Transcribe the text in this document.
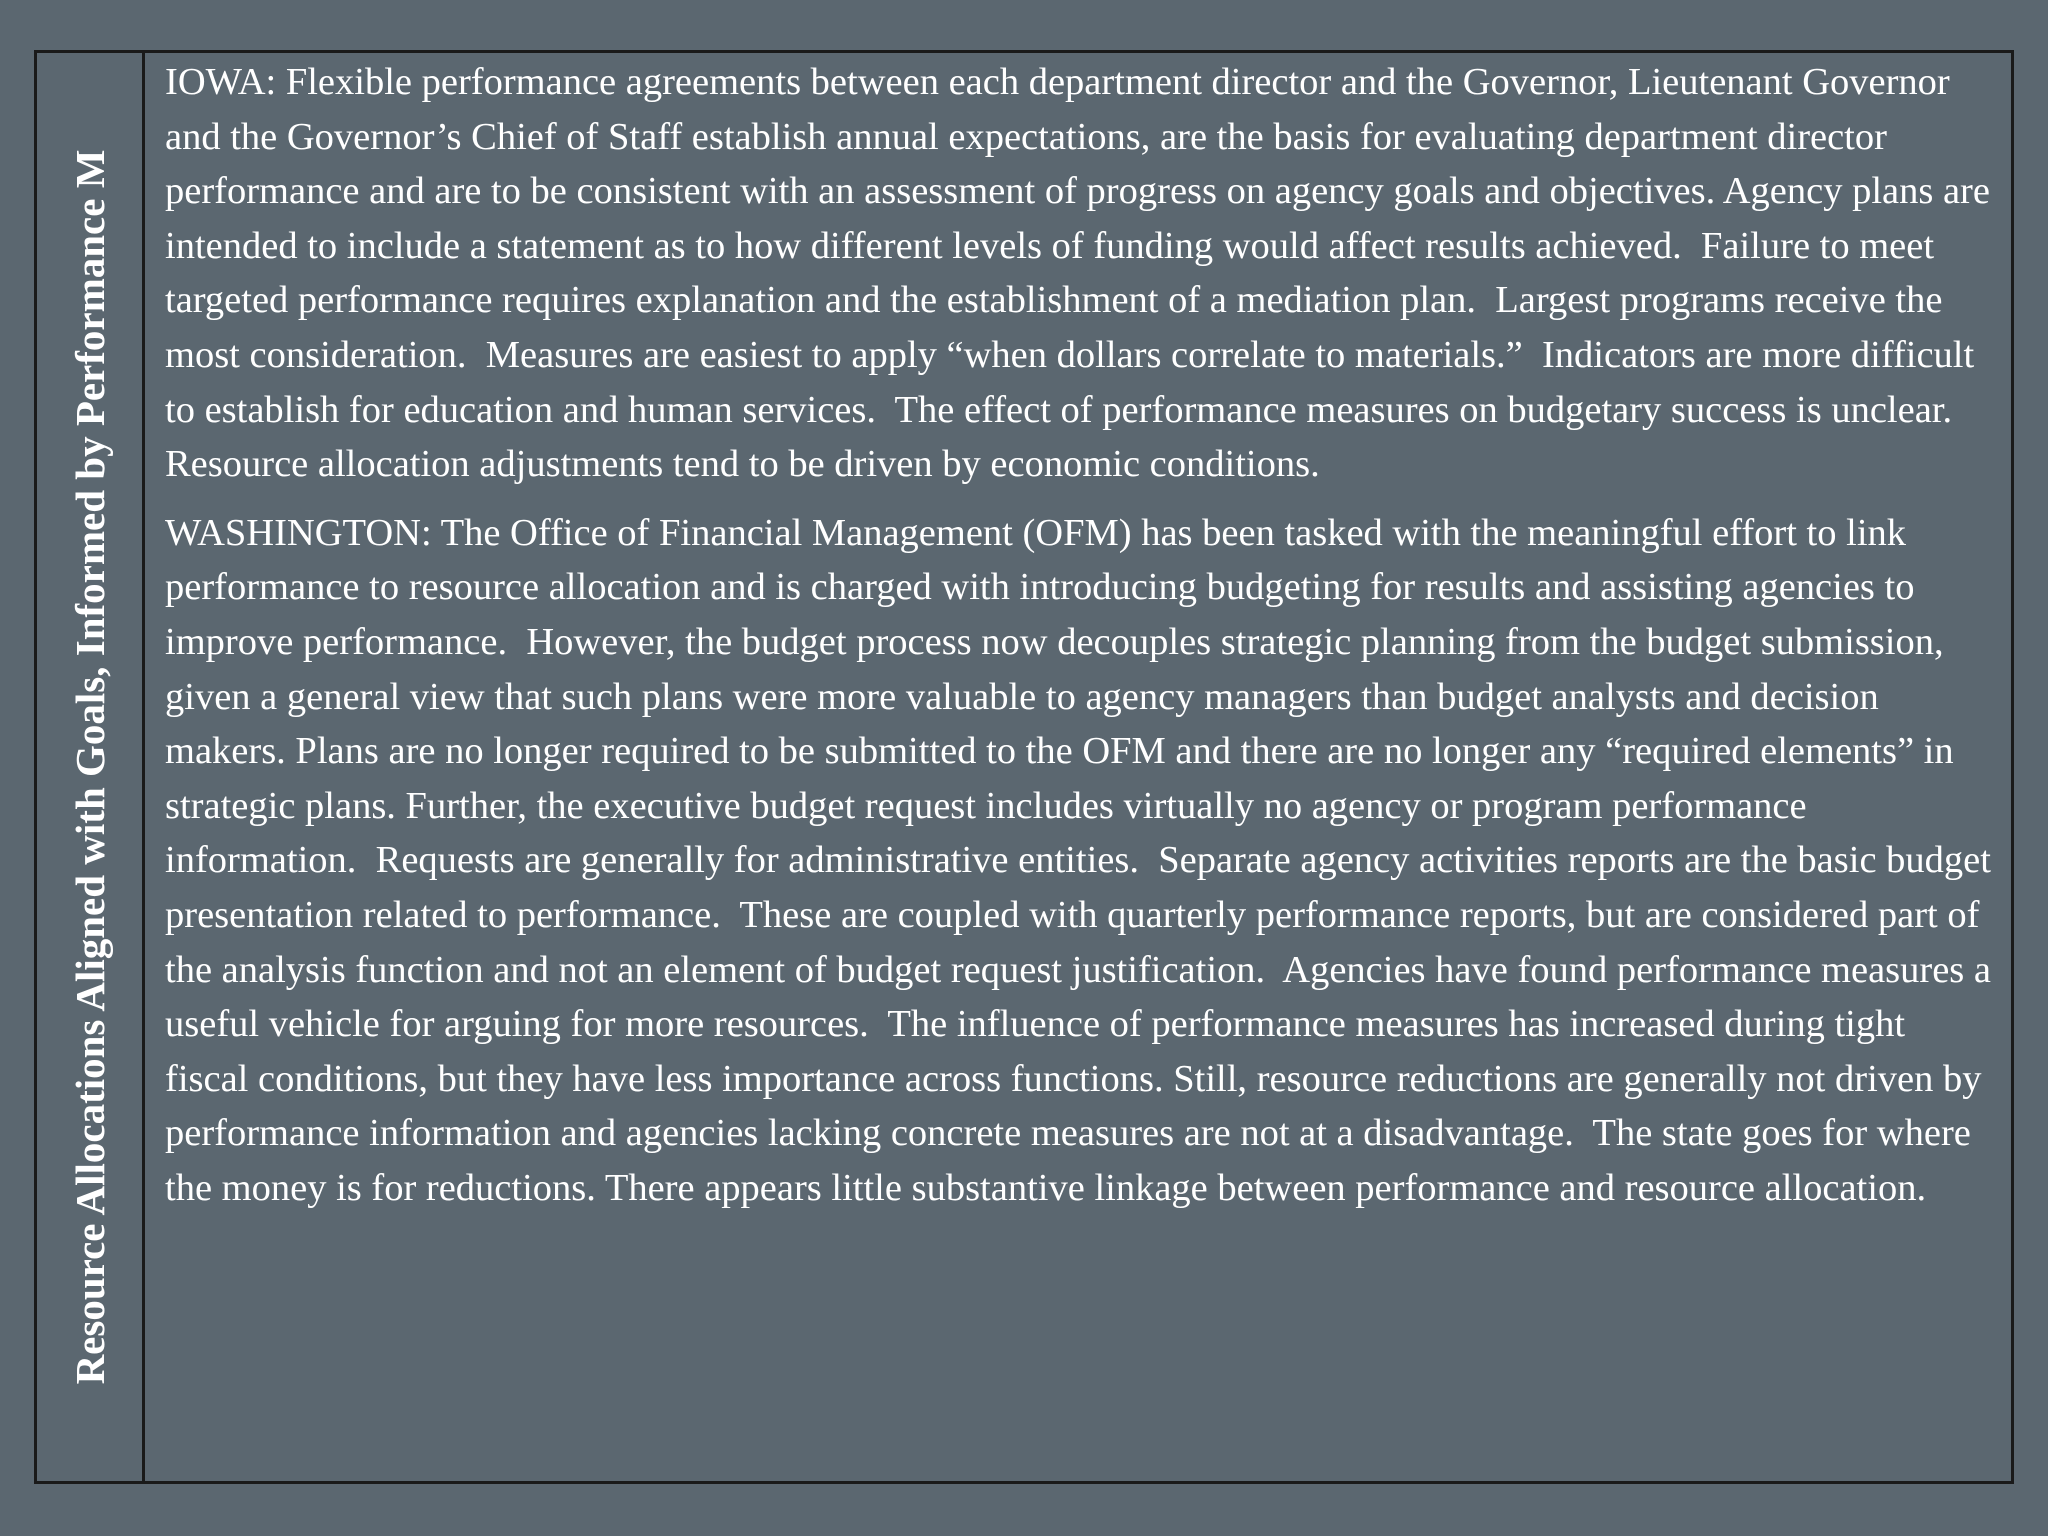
Resource Allocations Aligned with Goals, Informed by Performance M

IOWA: Flexible performance agreements between each department director and the Governor, Lieutenant Governor and the Governor’s Chief of Staff establish annual expectations, are the basis for evaluating department director performance and are to be consistent with an assessment of progress on agency goals and objectives. Agency plans are intended to include a statement as to how different levels of funding would affect results achieved.  Failure to meet targeted performance requires explanation and the establishment of a mediation plan.  Largest programs receive the most consideration.  Measures are easiest to apply “when dollars correlate to materials.”  Indicators are more difficult to establish for education and human services.  The effect of performance measures on budgetary success is unclear. Resource allocation adjustments tend to be driven by economic conditions.

WASHINGTON: The Office of Financial Management (OFM) has been tasked with the meaningful effort to link performance to resource allocation and is charged with introducing budgeting for results and assisting agencies to improve performance.  However, the budget process now decouples strategic planning from the budget submission, given a general view that such plans were more valuable to agency managers than budget analysts and decision makers. Plans are no longer required to be submitted to the OFM and there are no longer any “required elements” in strategic plans. Further, the executive budget request includes virtually no agency or program performance information.  Requests are generally for administrative entities.  Separate agency activities reports are the basic budget presentation related to performance.  These are coupled with quarterly performance reports, but are considered part of the analysis function and not an element of budget request justification.  Agencies have found performance measures a useful vehicle for arguing for more resources.  The influence of performance measures has increased during tight fiscal conditions, but they have less importance across functions. Still, resource reductions are generally not driven by performance information and agencies lacking concrete measures are not at a disadvantage.  The state goes for where the money is for reductions. There appears little substantive linkage between performance and resource allocation.
